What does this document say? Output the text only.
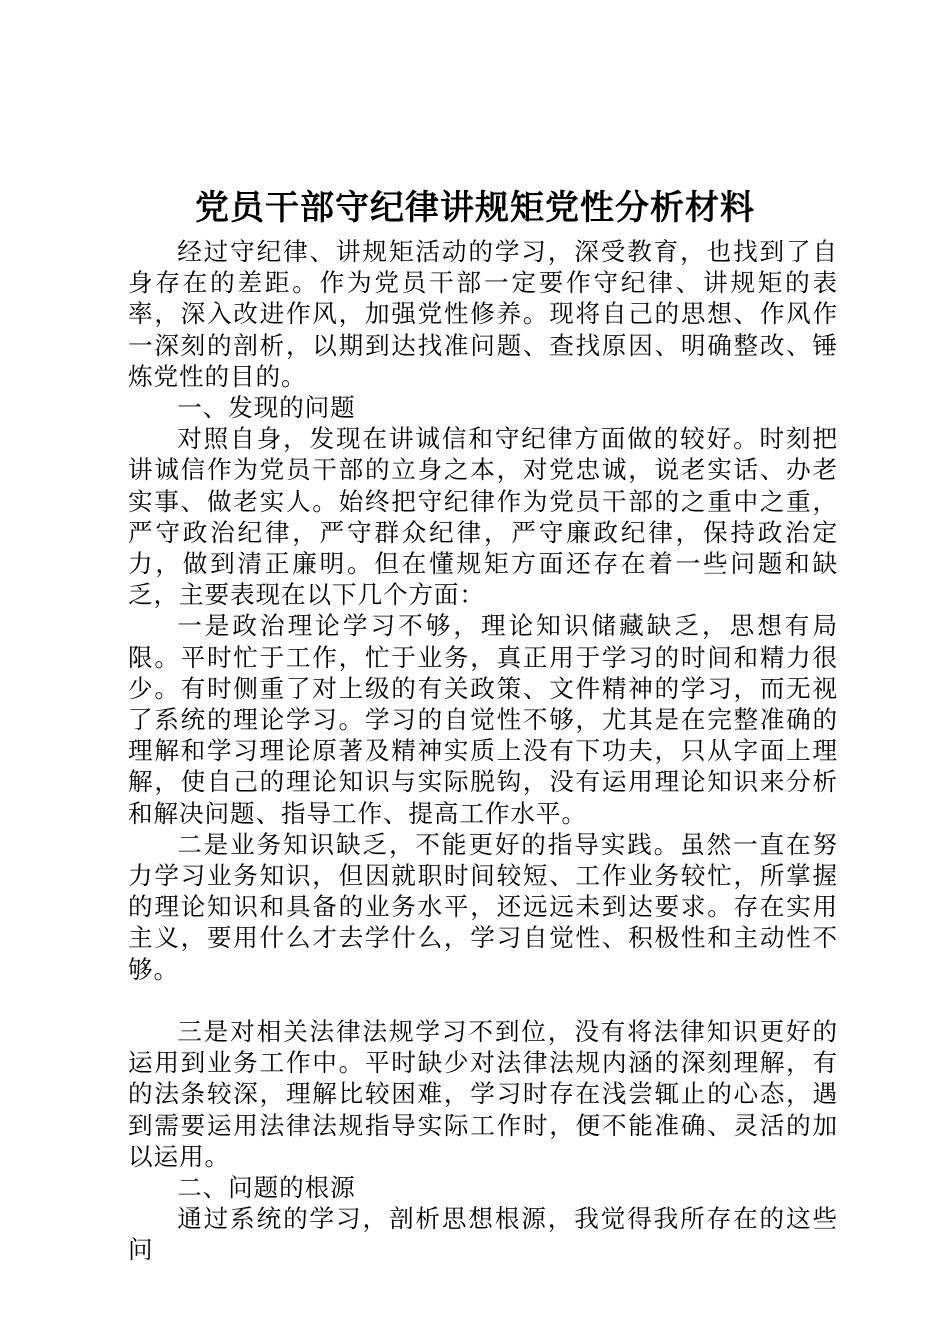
党员干部守纪律讲规矩党性分析材料

经过守纪律、讲规矩活动的学习，深受教育，也找到了自身存在的差距。作为党员干部一定要作守纪律、讲规矩的表率，深入改进作风，加强党性修养。现将自己的思想、作风作一深刻的剖析，以期到达找准问题、查找原因、明确整改、锤炼党性的目的。

一、发现的问题

对照自身，发现在讲诚信和守纪律方面做的较好。时刻把讲诚信作为党员干部的立身之本，对党忠诚，说老实话、办老实事、做老实人。始终把守纪律作为党员干部的之重中之重，严守政治纪律，严守群众纪律，严守廉政纪律，保持政治定力，做到清正廉明。但在懂规矩方面还存在着一些问题和缺乏，主要表现在以下几个方面：

一是政治理论学习不够，理论知识储藏缺乏，思想有局限。平时忙于工作，忙于业务，真正用于学习的时间和精力很少。有时侧重了对上级的有关政策、文件精神的学习，而无视了系统的理论学习。学习的自觉性不够，尤其是在完整准确的理解和学习理论原著及精神实质上没有下功夫，只从字面上理解，使自己的理论知识与实际脱钩，没有运用理论知识来分析和解决问题、指导工作、提高工作水平。

二是业务知识缺乏，不能更好的指导实践。虽然一直在努力学习业务知识，但因就职时间较短、工作业务较忙，所掌握的理论知识和具备的业务水平，还远远未到达要求。存在实用主义，要用什么才去学什么，学习自觉性、积极性和主动性不够。

三是对相关法律法规学习不到位，没有将法律知识更好的运用到业务工作中。平时缺少对法律法规内涵的深刻理解，有的法条较深，理解比较困难，学习时存在浅尝辄止的心态，遇到需要运用法律法规指导实际工作时，便不能准确、灵活的加以运用。

二、问题的根源

通过系统的学习，剖析思想根源，我觉得我所存在的这些问
